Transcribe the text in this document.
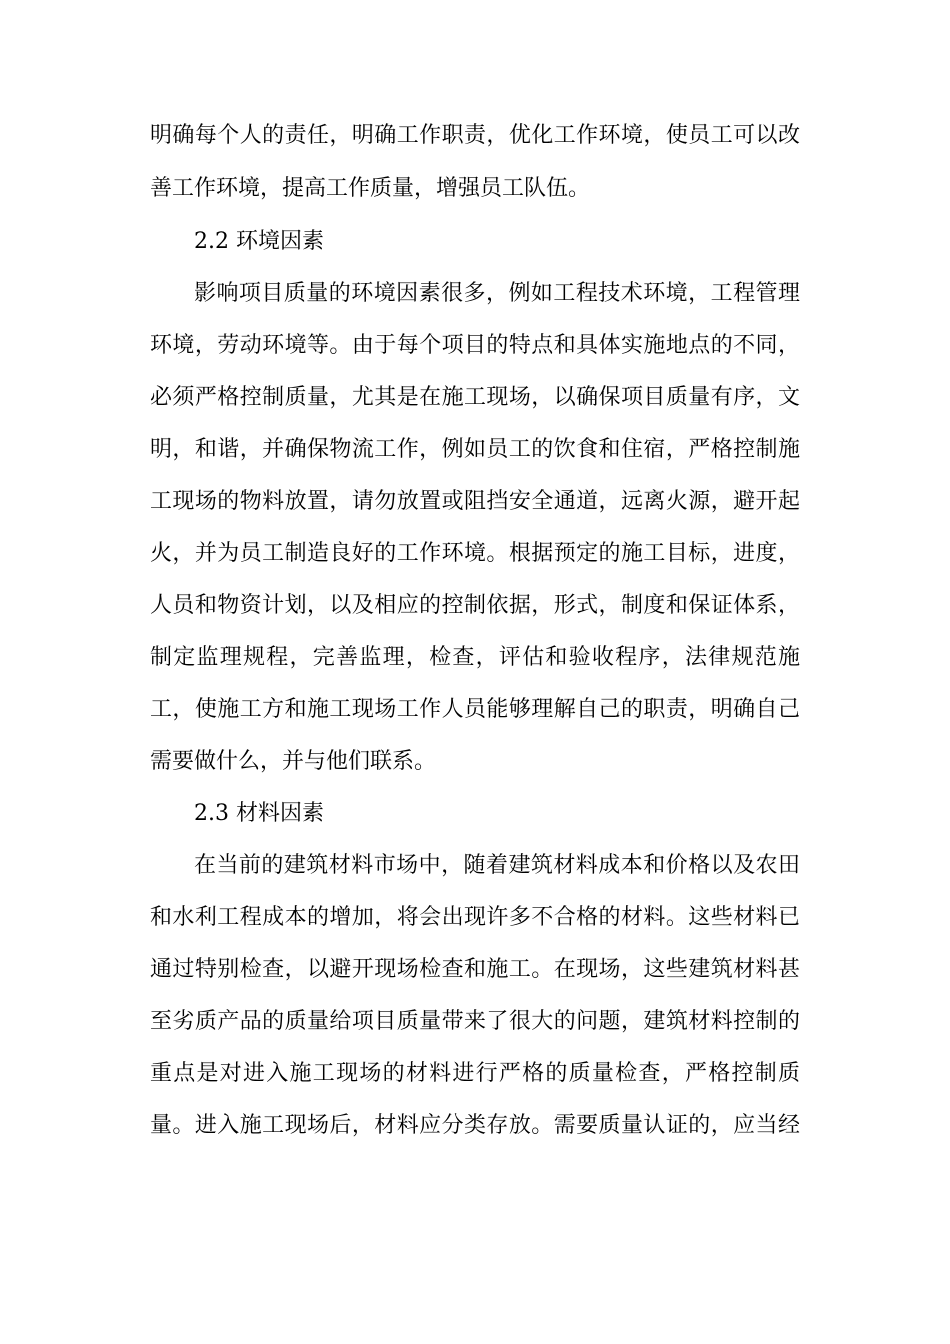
明确每个人的责任，明确工作职责，优化工作环境，使员工可以改
善工作环境，提高工作质量，增强员工队伍。
2.2 环境因素
影响项目质量的环境因素很多，例如工程技术环境，工程管理
环境，劳动环境等。由于每个项目的特点和具体实施地点的不同，
必须严格控制质量，尤其是在施工现场，以确保项目质量有序，文
明，和谐，并确保物流工作，例如员工的饮食和住宿，严格控制施
工现场的物料放置，请勿放置或阻挡安全通道，远离火源，避开起
火，并为员工制造良好的工作环境。根据预定的施工目标，进度，
人员和物资计划，以及相应的控制依据，形式，制度和保证体系，
制定监理规程，完善监理，检查，评估和验收程序，法律规范施
工，使施工方和施工现场工作人员能够理解自己的职责，明确自己
需要做什么，并与他们联系。
2.3 材料因素
在当前的建筑材料市场中，随着建筑材料成本和价格以及农田
和水利工程成本的增加，将会出现许多不合格的材料。这些材料已
通过特别检查，以避开现场检查和施工。在现场，这些建筑材料甚
至劣质产品的质量给项目质量带来了很大的问题，建筑材料控制的
重点是对进入施工现场的材料进行严格的质量检查，严格控制质
量。进入施工现场后，材料应分类存放。需要质量认证的，应当经
